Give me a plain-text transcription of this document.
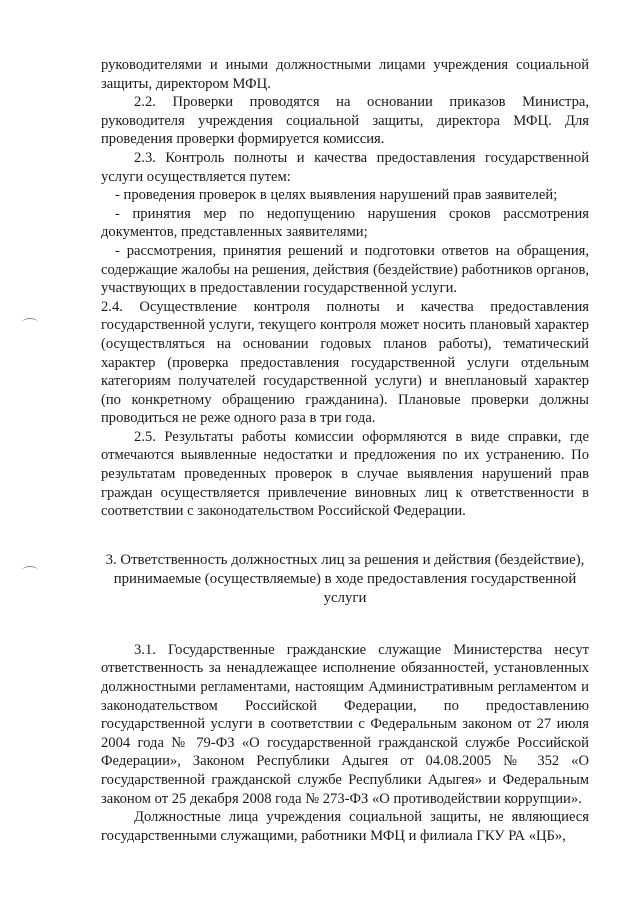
руководителями и иными должностными лицами учреждения социальной защиты, директором МФЦ.

2.2. Проверки проводятся на основании приказов Министра, руководителя учреждения социальной защиты, директора МФЦ. Для проведения проверки формируется комиссия.

2.3. Контроль полноты и качества предоставления государственной услуги осуществляется путем:

- проведения проверок в целях выявления нарушений прав заявителей;

- принятия мер по недопущению нарушения сроков рассмотрения документов, представленных заявителями;

- рассмотрения, принятия решений и подготовки ответов на обращения, содержащие жалобы на решения, действия (бездействие) работников органов, участвующих в предоставлении государственной услуги.

2.4. Осуществление контроля полноты и качества предоставления государственной услуги, текущего контроля может носить плановый характер (осуществляться на основании годовых планов работы), тематический характер (проверка предоставления государственной услуги отдельным категориям получателей государственной услуги) и внеплановый характер (по конкретному обращению гражданина). Плановые проверки должны проводиться не реже одного раза в три года.

2.5. Результаты работы комиссии оформляются в виде справки, где отмечаются выявленные недостатки и предложения по их устранению. По результатам проведенных проверок в случае выявления нарушений прав граждан осуществляется привлечение виновных лиц к ответственности в соответствии с законодательством Российской Федерации.

3. Ответственность должностных лиц за решения и действия (бездействие), принимаемые (осуществляемые) в ходе предоставления государственной услуги

3.1. Государственные гражданские служащие Министерства несут ответственность за ненадлежащее исполнение обязанностей, установленных должностными регламентами, настоящим Административным регламентом и законодательством Российской Федерации, по предоставлению государственной услуги в соответствии с Федеральным законом от 27 июля 2004 года № 79-ФЗ «О государственной гражданской службе Российской Федерации», Законом Республики Адыгея от 04.08.2005 № 352 «О государственной гражданской службе Республики Адыгея» и Федеральным законом от 25 декабря 2008 года № 273-ФЗ «О противодействии коррупции».

Должностные лица учреждения социальной защиты, не являющиеся государственными служащими, работники МФЦ и филиала ГКУ РА «ЦБ»,
